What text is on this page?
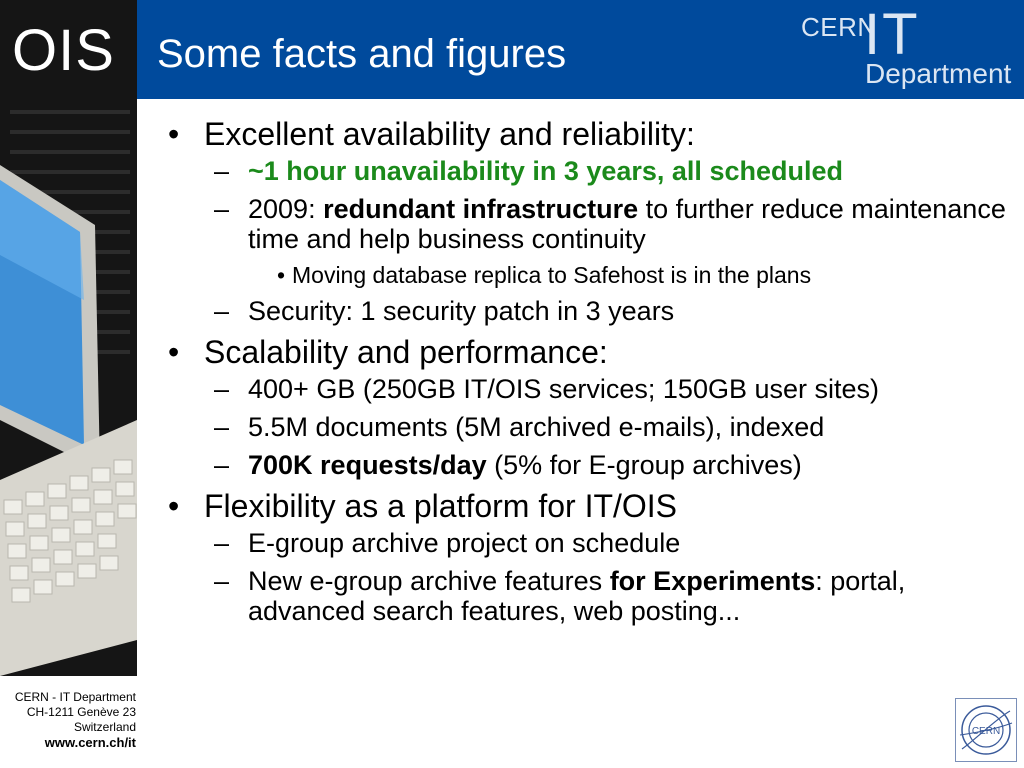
OIS Some facts and figures
CERN
IT
Department
• Excellent availability and reliability:
– ~1 hour unavailability in 3 years, all scheduled
– 2009: redundant infrastructure to further reduce maintenance time and help business continuity
• Moving database replica to Safehost is in the plans
– Security: 1 security patch in 3 years
• Scalability and performance:
– 400+ GB (250GB IT/OIS services; 150GB user sites)
– 5.5M documents (5M archived e-mails), indexed
– 700K requests/day (5% for E-group archives)
• Flexibility as a platform for IT/OIS
– E-group archive project on schedule
– New e-group archive features for Experiments: portal, advanced search features, web posting...
CERN - IT Department
CH-1211 Genève 23
Switzerland
www.cern.ch/it
CERN
